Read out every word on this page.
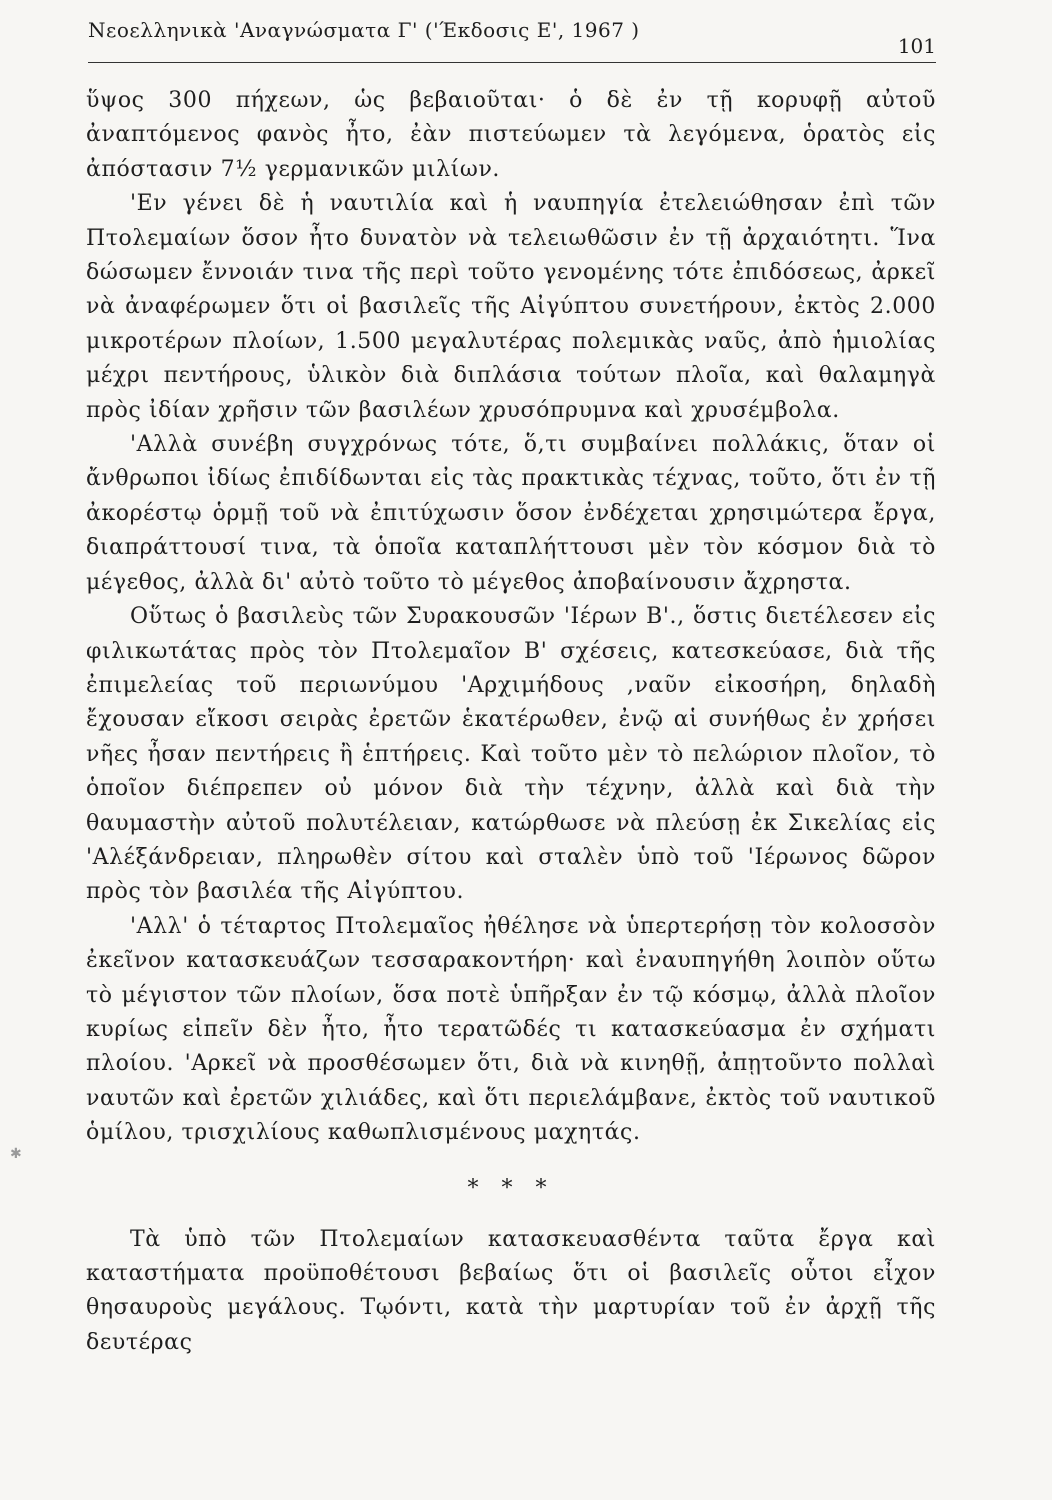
Νεοελληνικὰ 'Αναγνώσματα Γ' ('Έκδοσις Ε', 1967 )
101

ὕψος 300 πήχεων, ὡς βεβαιοῦται· ὁ δὲ ἐν τῇ κορυφῇ αὐτοῦ ἀναπτόμενος φανὸς ἦτο, ἐὰν πιστεύωμεν τὰ λεγόμενα, ὁρατὸς εἰς ἀπόστασιν 7½ γερμανικῶν μιλίων.

'Εν γένει δὲ ἡ ναυτιλία καὶ ἡ ναυπηγία ἐτελειώθησαν ἐπὶ τῶν Πτολεμαίων ὅσον ἦτο δυνατὸν νὰ τελειωθῶσιν ἐν τῇ ἀρχαιότητι. Ἵνα δώσωμεν ἔννοιάν τινα τῆς περὶ τοῦτο γενομένης τότε ἐπιδόσεως, ἀρκεῖ νὰ ἀναφέρωμεν ὅτι οἱ βασιλεῖς τῆς Αἰγύπτου συνετήρουν, ἐκτὸς 2.000 μικροτέρων πλοίων, 1.500 μεγαλυτέρας πολεμικὰς ναῦς, ἀπὸ ἡμιολίας μέχρι πεντήρους, ὑλικὸν διὰ διπλάσια τούτων πλοῖα, καὶ θαλαμηγὰ πρὸς ἰδίαν χρῆσιν τῶν βασιλέων χρυσόπρυμνα καὶ χρυσέμβολα.

'Αλλὰ συνέβη συγχρόνως τότε, ὅ,τι συμβαίνει πολλάκις, ὅταν οἱ ἄνθρωποι ἰδίως ἐπιδίδωνται εἰς τὰς πρακτικὰς τέχνας, τοῦτο, ὅτι ἐν τῇ ἀκορέστῳ ὁρμῇ τοῦ νὰ ἐπιτύχωσιν ὅσον ἐνδέχεται χρησιμώτερα ἔργα, διαπράττουσί τινα, τὰ ὁποῖα καταπλήττουσι μὲν τὸν κόσμον διὰ τὸ μέγεθος, ἀλλὰ δι' αὐτὸ τοῦτο τὸ μέγεθος ἀποβαίνουσιν ἄχρηστα.

Οὕτως ὁ βασιλεὺς τῶν Συρακουσῶν 'Ιέρων Β'., ὅστις διετέλεσεν εἰς φιλικωτάτας πρὸς τὸν Πτολεμαῖον Β' σχέσεις, κατεσκεύασε, διὰ τῆς ἐπιμελείας τοῦ περιωνύμου 'Αρχιμήδους ,ναῦν εἰκοσήρη, δηλαδὴ ἔχουσαν εἴκοσι σειρὰς ἐρετῶν ἑκατέρωθεν, ἐνῷ αἱ συνήθως ἐν χρήσει νῆες ἦσαν πεντήρεις ἢ ἑπτήρεις. Καὶ τοῦτο μὲν τὸ πελώριον πλοῖον, τὸ ὁποῖον διέπρεπεν οὐ μόνον διὰ τὴν τέχνην, ἀλλὰ καὶ διὰ τὴν θαυμαστὴν αὐτοῦ πολυτέλειαν, κατώρθωσε νὰ πλεύσῃ ἐκ Σικελίας εἰς 'Αλέξάνδρειαν, πληρωθὲν σίτου καὶ σταλὲν ὑπὸ τοῦ 'Ιέρωνος δῶρον πρὸς τὸν βασιλέα τῆς Αἰγύπτου.

'Αλλ' ὁ τέταρτος Πτολεμαῖος ἠθέλησε νὰ ὑπερτερήσῃ τὸν κολοσσὸν ἐκεῖνον κατασκευάζων τεσσαρακοντήρη· καὶ ἐναυπηγήθη λοιπὸν οὕτω τὸ μέγιστον τῶν πλοίων, ὅσα ποτὲ ὑπῆρξαν ἐν τῷ κόσμῳ, ἀλλὰ πλοῖον κυρίως εἰπεῖν δὲν ἦτο, ἦτο τερατῶδές τι κατασκεύασμα ἐν σχήματι πλοίου. 'Αρκεῖ νὰ προσθέσωμεν ὅτι, διὰ νὰ κινηθῇ, ἀπῃτοῦντο πολλαὶ ναυτῶν καὶ ἐρετῶν χιλιάδες, καὶ ὅτι περιελάμβανε, ἐκτὸς τοῦ ναυτικοῦ ὁμίλου, τρισχιλίους καθωπλισμένους μαχητάς.

* * *

Τὰ ὑπὸ τῶν Πτολεμαίων κατασκευασθέντα ταῦτα ἔργα καὶ καταστήματα προϋποθέτουσι βεβαίως ὅτι οἱ βασιλεῖς οὗτοι εἶχον θησαυροὺς μεγάλους. Τῳόντι, κατὰ τὴν μαρτυρίαν τοῦ ἐν ἀρχῇ τῆς δευτέρας

✱
